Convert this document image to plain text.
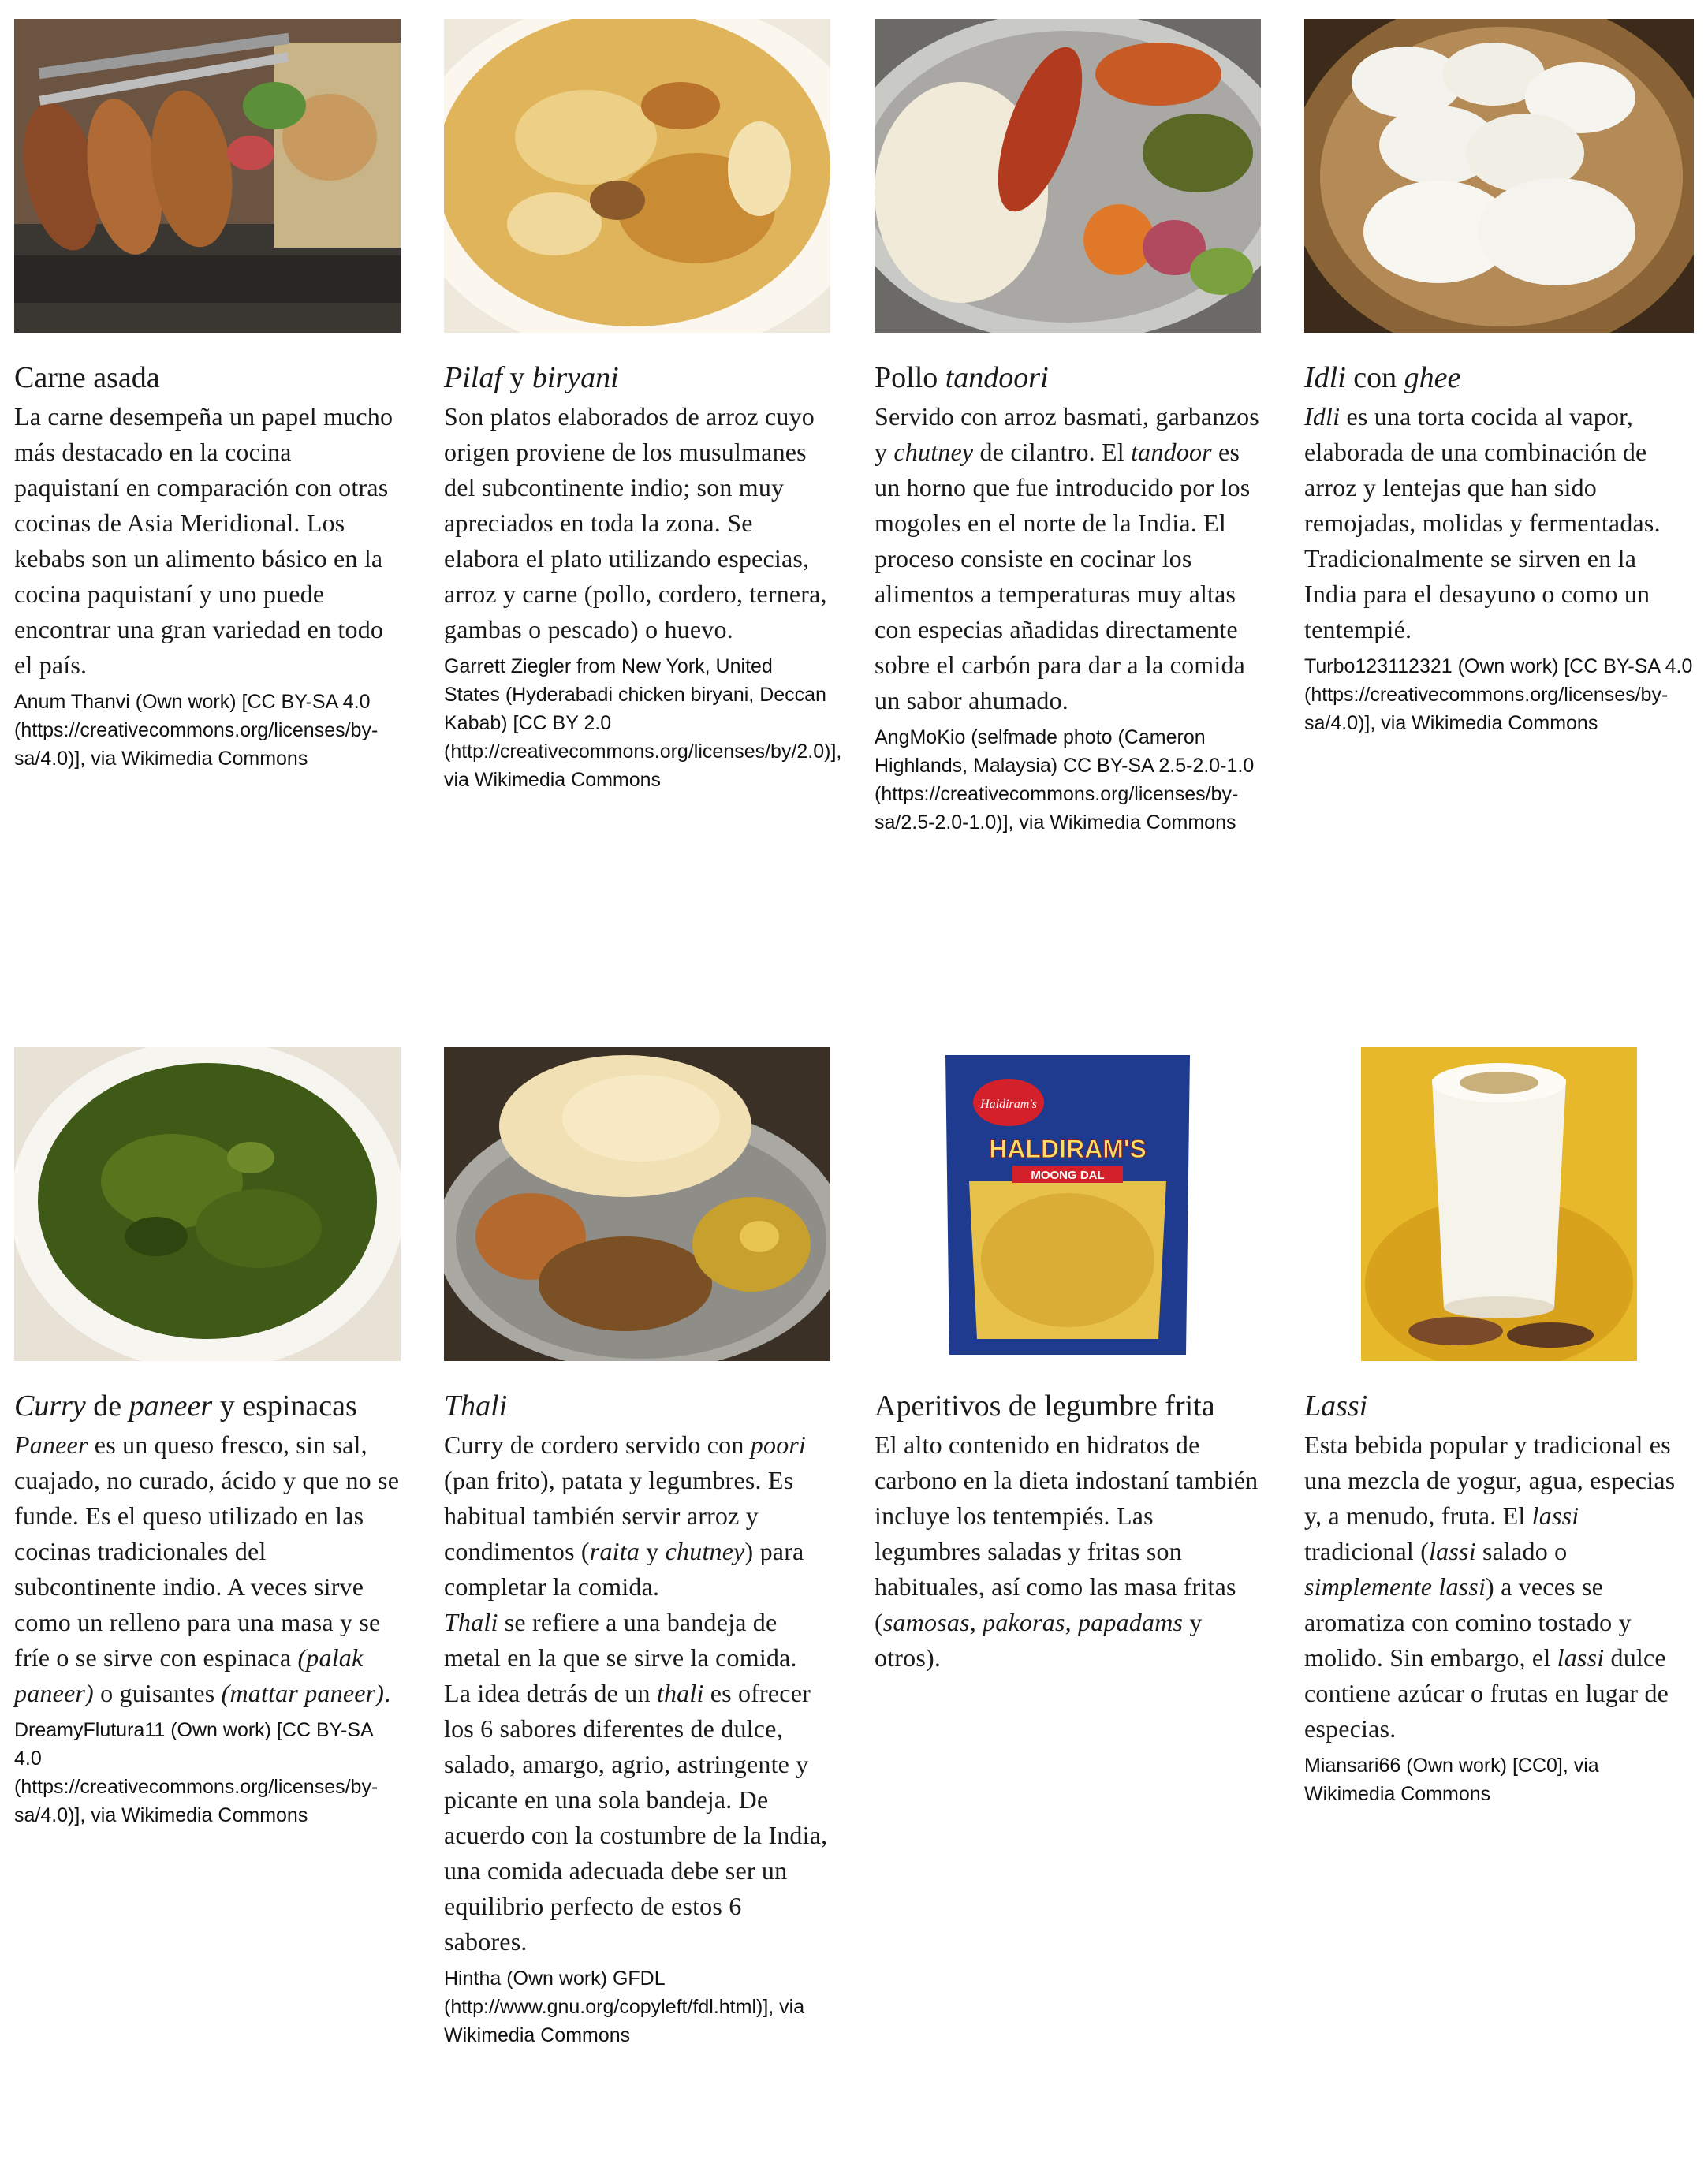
Carne asada
La carne desempeña un papel mucho más destacado en la cocina paquistaní en comparación con otras cocinas de Asia Meridional. Los kebabs son un alimento básico en la cocina paquistaní y uno puede encontrar una gran variedad en todo el país.
Anum Thanvi (Own work) [CC BY-SA 4.0 (https://creativecommons.org/licenses/by-sa/4.0)], via Wikimedia Commons
Pilaf y biryani
Son platos elaborados de arroz cuyo origen proviene de los musulmanes del subcontinente indio; son muy apreciados en toda la zona. Se elabora el plato utilizando especias, arroz y carne (pollo, cordero, ternera, gambas o pescado) o huevo.
Garrett Ziegler from New York, United States (Hyderabadi chicken biryani, Deccan Kabab) [CC BY 2.0 (http://creativecommons.org/licenses/by/2.0)], via Wikimedia Commons
Pollo tandoori
Servido con arroz basmati, garbanzos y chutney de cilantro. El tandoor es un horno que fue introducido por los mogoles en el norte de la India. El proceso consiste en cocinar los alimentos a temperaturas muy altas con especias añadidas directamente sobre el carbón para dar a la comida un sabor ahumado.
AngMoKio (selfmade photo (Cameron Highlands, Malaysia) CC BY-SA 2.5-2.0-1.0 (https://creativecommons.org/licenses/by-sa/2.5-2.0-1.0)], via Wikimedia Commons
Idli con ghee
Idli es una torta cocida al vapor, elaborada de una combinación de arroz y lentejas que han sido remojadas, molidas y fermentadas. Tradicionalmente se sirven en la India para el desayuno o como un tentempié.
Turbo123112321 (Own work) [CC BY-SA 4.0 (https://creativecommons.org/licenses/by-sa/4.0)], via Wikimedia Commons
Curry de paneer y espinacas
Paneer es un queso fresco, sin sal, cuajado, no curado, ácido y que no se funde. Es el queso utilizado en las cocinas tradicionales del subcontinente indio. A veces sirve como un relleno para una masa y se fríe o se sirve con espinaca (palak paneer) o guisantes (mattar paneer).
DreamyFlutura11 (Own work) [CC BY-SA 4.0 (https://creativecommons.org/licenses/by-sa/4.0)], via Wikimedia Commons
Thali
Curry de cordero servido con poori (pan frito), patata y legumbres. Es habitual también servir arroz y condimentos (raita y chutney) para completar la comida.
Thali se refiere a una bandeja de metal en la que se sirve la comida. La idea detrás de un thali es ofrecer los 6 sabores diferentes de dulce, salado, amargo, agrio, astringente y picante en una sola bandeja. De acuerdo con la costumbre de la India, una comida adecuada debe ser un equilibrio perfecto de estos 6 sabores.
Hintha (Own work) GFDL (http://www.gnu.org/copyleft/fdl.html)], via Wikimedia Commons
Haldiram's
HALDIRAM'S
MOONG DAL
Aperitivos de legumbre frita
El alto contenido en hidratos de carbono en la dieta indostaní también incluye los tentempiés. Las legumbres saladas y fritas son habituales, así como las masa fritas (samosas, pakoras, papadams y otros).
Lassi
Esta bebida popular y tradicional es una mezcla de yogur, agua, especias y, a menudo, fruta. El lassi tradicional (lassi salado o simplemente lassi) a veces se aromatiza con comino tostado y molido. Sin embargo, el lassi dulce contiene azúcar o frutas en lugar de especias.
Miansari66 (Own work) [CC0], via Wikimedia Commons
